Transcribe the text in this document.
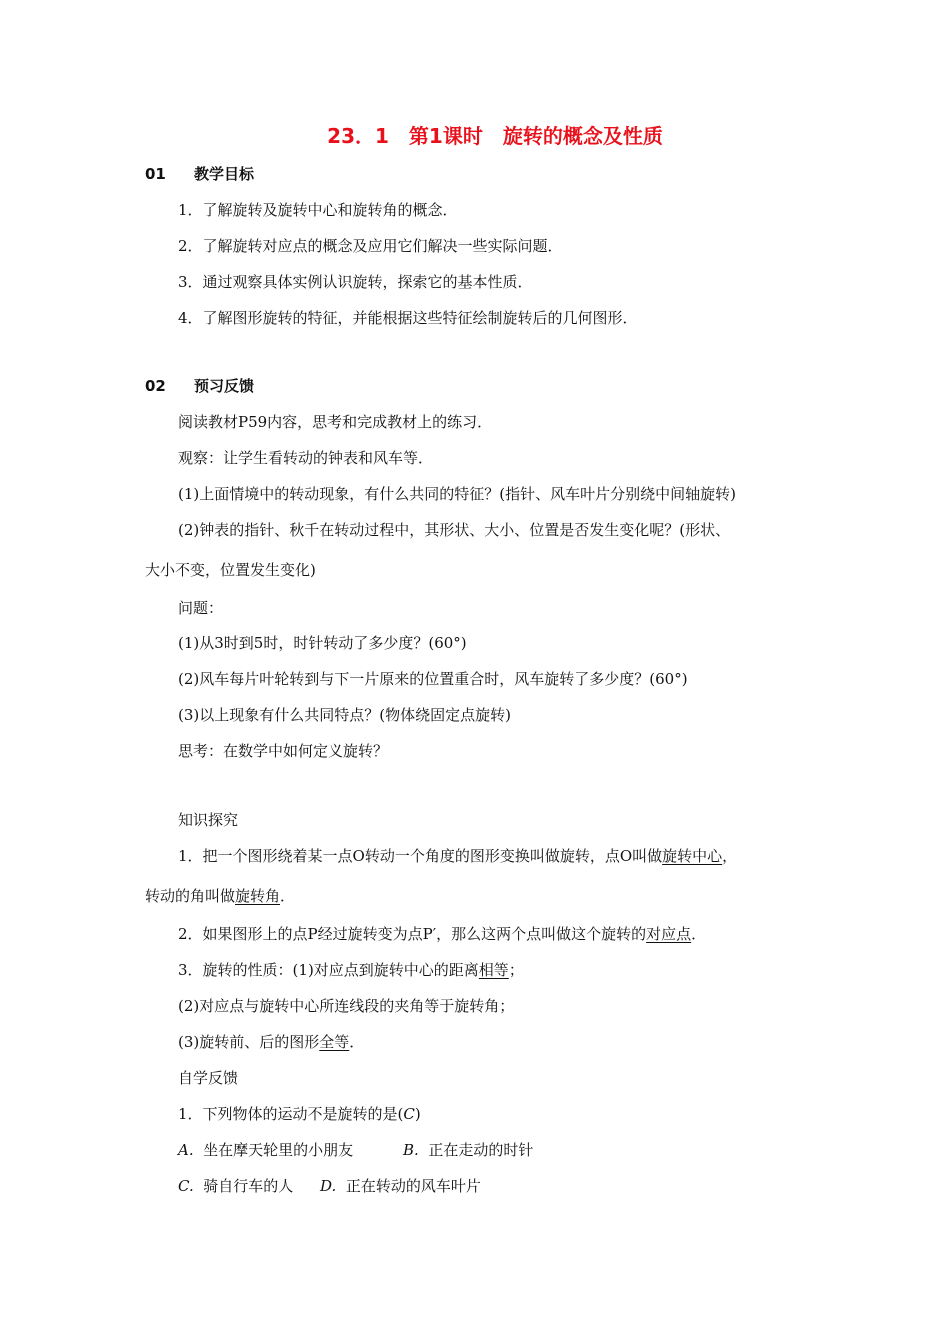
23．1　第1课时　旋转的概念及性质
01 教学目标
1．了解旋转及旋转中心和旋转角的概念．
2．了解旋转对应点的概念及应用它们解决一些实际问题．
3．通过观察具体实例认识旋转，探索它的基本性质．
4．了解图形旋转的特征，并能根据这些特征绘制旋转后的几何图形．
02 预习反馈
阅读教材P59内容，思考和完成教材上的练习．
观察：让学生看转动的钟表和风车等．
(1)上面情境中的转动现象，有什么共同的特征？(指针、风车叶片分别绕中间轴旋转)
(2)钟表的指针、秋千在转动过程中，其形状、大小、位置是否发生变化呢？(形状、
大小不变，位置发生变化)
问题：
(1)从3时到5时，时针转动了多少度？(60°)
(2)风车每片叶轮转到与下一片原来的位置重合时，风车旋转了多少度？(60°)
(3)以上现象有什么共同特点？(物体绕固定点旋转)
思考：在数学中如何定义旋转？
知识探究
1．把一个图形绕着某一点O转动一个角度的图形变换叫做旋转，点O叫做旋转中心，
转动的角叫做旋转角．
2．如果图形上的点P经过旋转变为点P′，那么这两个点叫做这个旋转的对应点．
3．旋转的性质：(1)对应点到旋转中心的距离相等；
(2)对应点与旋转中心所连线段的夹角等于旋转角；
(3)旋转前、后的图形全等．
自学反馈
1．下列物体的运动不是旋转的是(C)
A. 坐在摩天轮里的小朋友	B. 正在走动的时针
C. 骑自行车的人 D. 正在转动的风车叶片
